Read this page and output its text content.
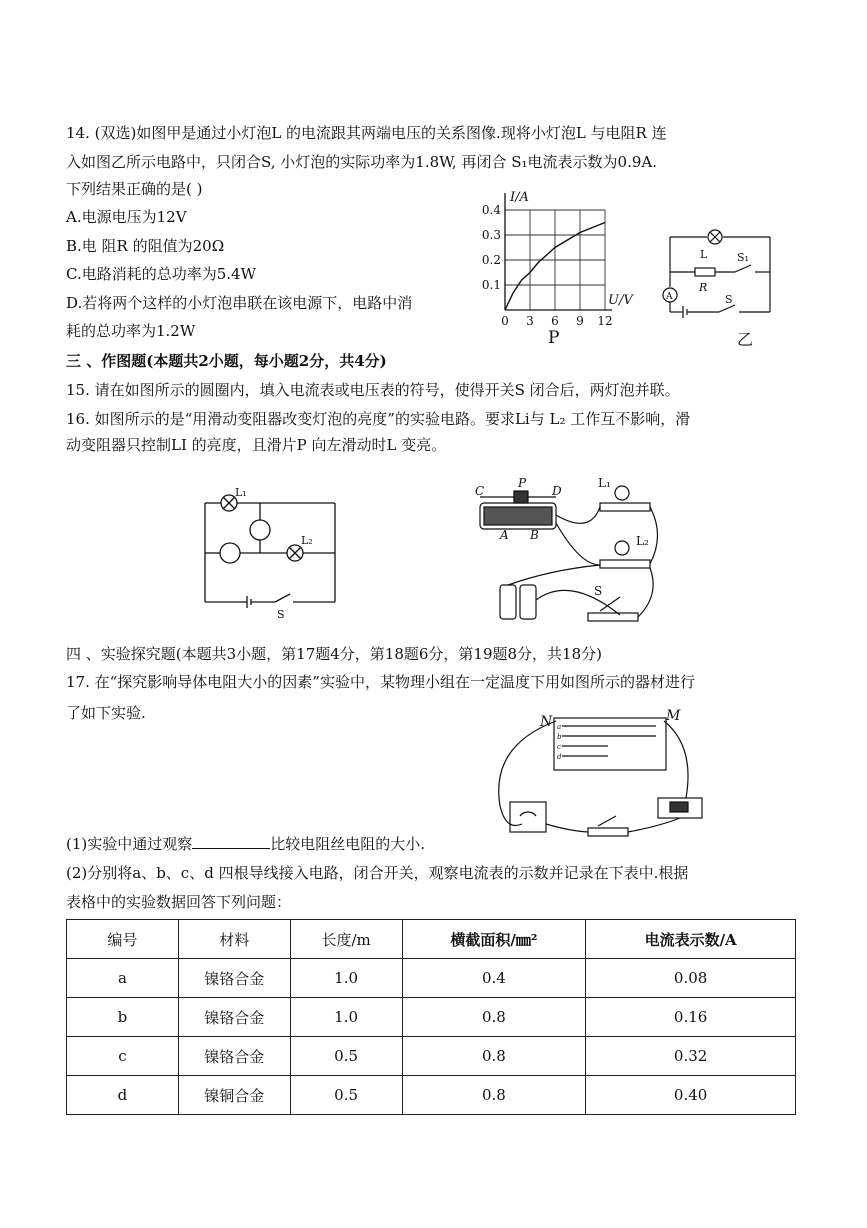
14. (双选)如图甲是通过小灯泡L 的电流跟其两端电压的关系图像.现将小灯泡L 与电阻R 连
入如图乙所示电路中，只闭合S, 小灯泡的实际功率为1.8W, 再闭合 S₁电流表示数为0.9A.
下列结果正确的是( )
A.电源电压为12V
B.电 阻R 的阻值为20Ω
C.电路消耗的总功率为5.4W
D.若将两个这样的小灯泡串联在该电源下，电路中消
耗的总功率为1.2W
0 3 6 9 12
0.1
0.2
0.3
0.4
I/A
U/V
P
A
L
R
S₁
S
乙
三 、作图题(本题共2小题，每小题2分，共4分)
15. 请在如图所示的圆圈内，填入电流表或电压表的符号，使得开关S 闭合后，两灯泡并联。
16. 如图所示的是“用滑动变阻器改变灯泡的亮度”的实验电路。要求Li与 L₂ 工作互不影响，滑
动变阻器只控制LI 的亮度，且滑片P 向左滑动时L 变亮。
L₁
L₂
S
C
P
D
A B
L₁
L₂
S
四 、实验探究题(本题共3小题，第17题4分，第18题6分，第19题8分，共18分)
17. 在“探究影响导体电阻大小的因素”实验中，某物理小组在一定温度下用如图所示的器材进行
了如下实验.	N	M
a
b
c
d
(1)实验中通过观察	比较电阻丝电阻的大小.
(2)分别将a、b、c、d 四根导线接入电路，闭合开关，观察电流表的示数并记录在下表中.根据
表格中的实验数据回答下列问题：
编号	材料	长度/m	横截面积/㎜²	电流表示数/A
a	镍铬合金	1.0	0.4	0.08
b	镍铬合金	1.0	0.8	0.16
c	镍铬合金	0.5	0.8	0.32
d	镍铜合金	0.5	0.8	0.40
